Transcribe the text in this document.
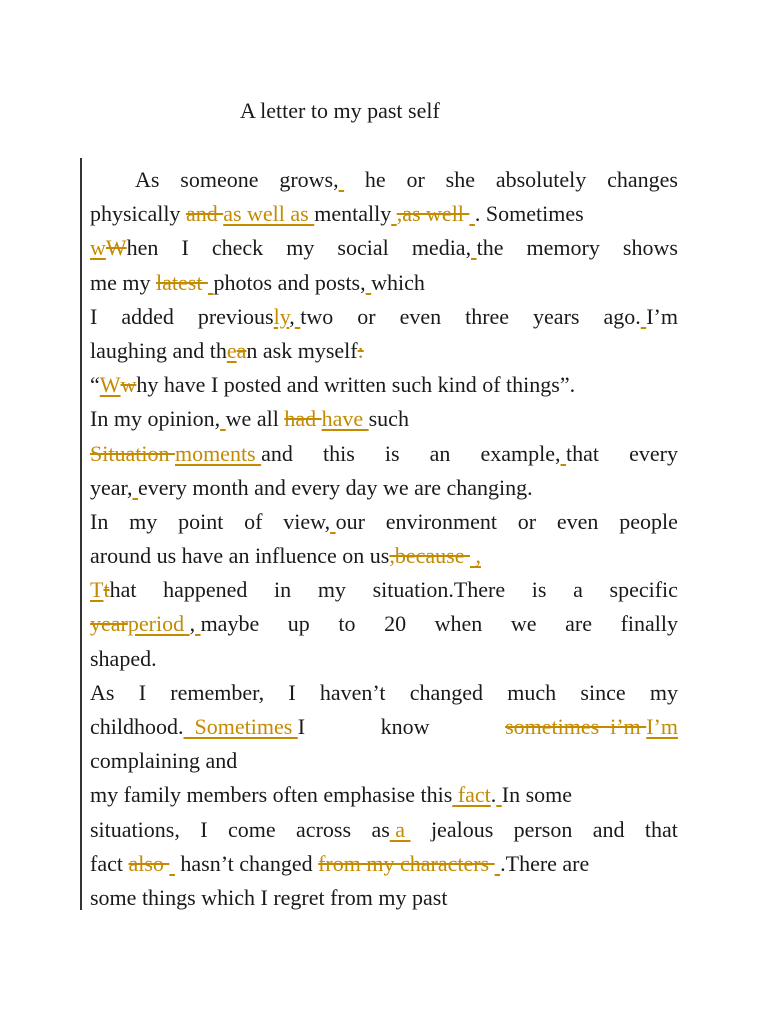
A letter to my past self
As someone grows, he or she absolutely changes
physically and as well as mentally ,as well  . Sometimes
wWhen I check my social media, the memory shows
me my latest  photos and posts, which
I added previously, two or even three years ago. I’m
laughing and thean ask myself:
“Wwhy have I posted and written such kind of things”.
In my opinion, we all had have such
Situation moments and this is an example, that every
year, every month and every day we are changing.
In my point of view, our environment or even people
around us have an influence on us,because  ,
Tthat happened in my situation.There is a specific
yearperiod , maybe up to 20 when we are finally
shaped.
As I remember, I haven’t changed much since my
childhood.  Sometimes I	know	sometimes  i’m I’m
complaining and
my family members often emphasise this fact. In some
situations, I come across as a jealous person and that
fact also   hasn’t changed from my characters  .There are
some things which I regret from my past
